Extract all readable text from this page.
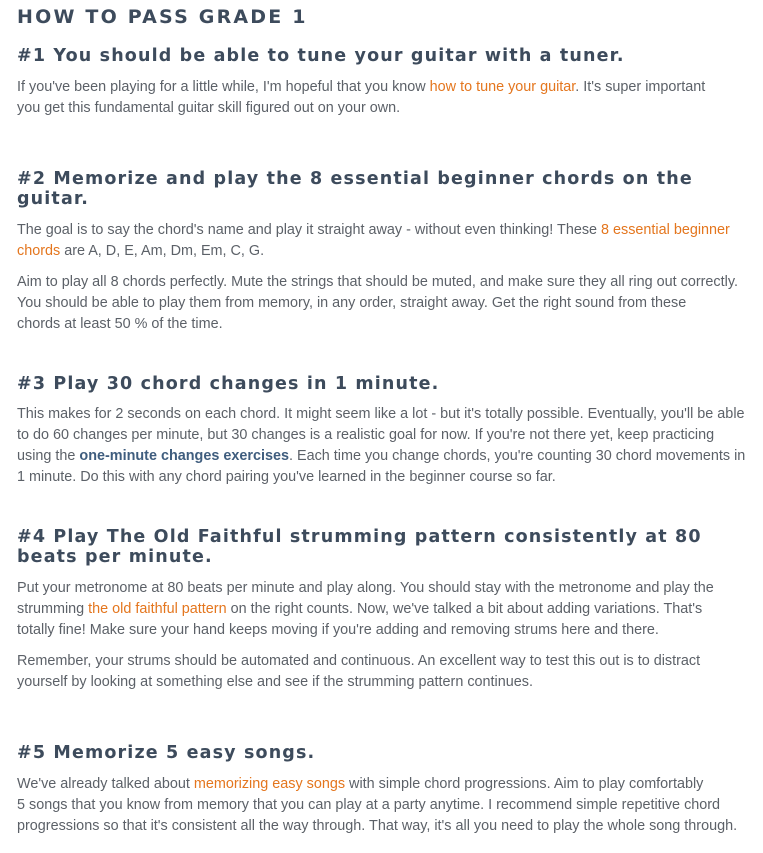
HOW TO PASS GRADE 1
#1 You should be able to tune your guitar with a tuner.

If you've been playing for a little while, I'm hopeful that you know how to tune your guitar. It's super important
you get this fundamental guitar skill figured out on your own.

#2 Memorize and play the 8 essential beginner chords on the
guitar.

The goal is to say the chord's name and play it straight away - without even thinking! These 8 essential beginner
chords are A, D, E, Am, Dm, Em, C, G.

Aim to play all 8 chords perfectly. Mute the strings that should be muted, and make sure they all ring out correctly.
You should be able to play them from memory, in any order, straight away. Get the right sound from these
chords at least 50 % of the time.

#3 Play 30 chord changes in 1 minute.

This makes for 2 seconds on each chord. It might seem like a lot - but it's totally possible. Eventually, you'll be able
to do 60 changes per minute, but 30 changes is a realistic goal for now. If you're not there yet, keep practicing
using the one-minute changes exercises. Each time you change chords, you're counting 30 chord movements in
1 minute. Do this with any chord pairing you've learned in the beginner course so far.

#4 Play The Old Faithful strumming pattern consistently at 80
beats per minute.

Put your metronome at 80 beats per minute and play along. You should stay with the metronome and play the
strumming the old faithful pattern on the right counts. Now, we've talked a bit about adding variations. That's
totally fine! Make sure your hand keeps moving if you're adding and removing strums here and there.

Remember, your strums should be automated and continuous. An excellent way to test this out is to distract
yourself by looking at something else and see if the strumming pattern continues.

#5 Memorize 5 easy songs.

We've already talked about memorizing easy songs with simple chord progressions. Aim to play comfortably
5 songs that you know from memory that you can play at a party anytime. I recommend simple repetitive chord
progressions so that it's consistent all the way through. That way, it's all you need to play the whole song through.
